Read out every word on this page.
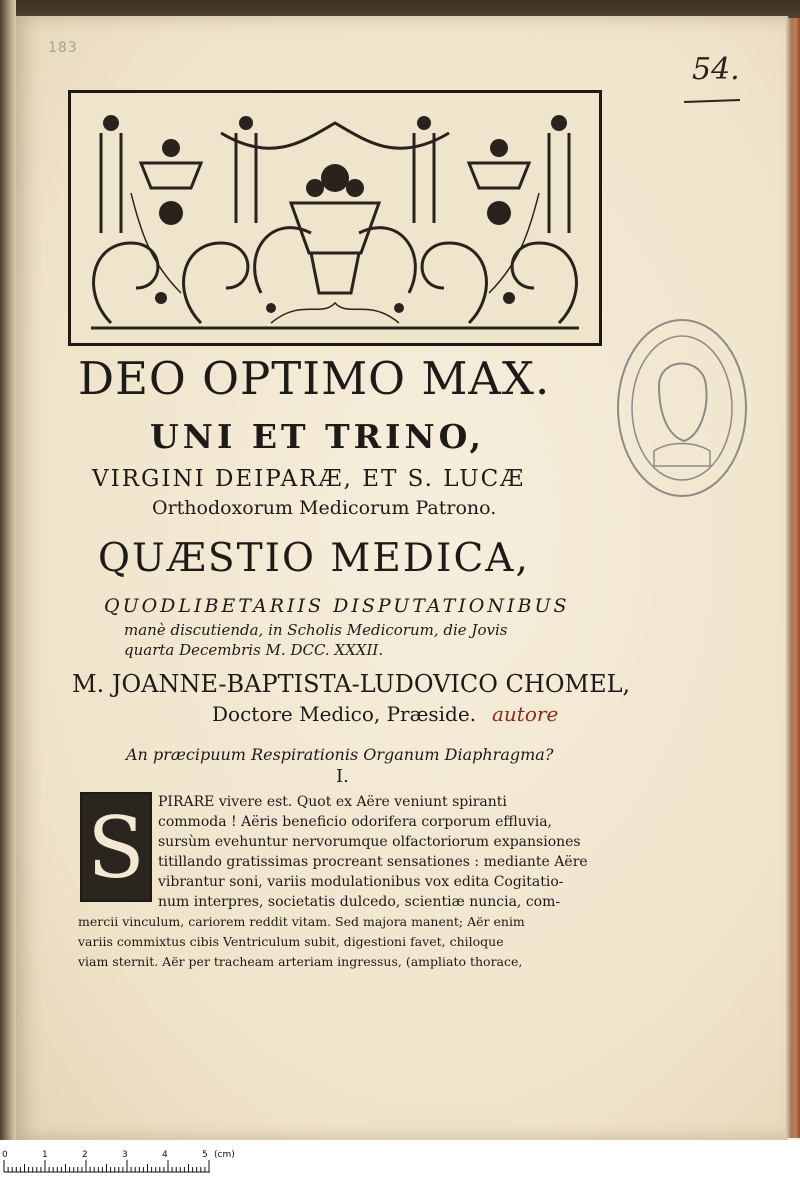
183
54.
DEO OPTIMO MAX.
UNI ET TRINO,
VIRGINI DEIPARÆ, ET S. LUCÆ
Orthodoxorum Medicorum Patrono.
QUÆSTIO MEDICA,
QUODLIBETARIIS DISPUTATIONIBUS
manè discutienda, in Scholis Medicorum, die Jovis
quarta Decembris M. DCC. XXXII.
M. JOANNE-BAPTISTA-LUDOVICO CHOMEL,
Doctore Medico, Præside. autore
An præcipuum Respirationis Organum Diaphragma?
I.
S PIRARE vivere est. Quot ex Aëre veniunt spiranti
commoda ! Aëris beneficio odorifera corporum effluvia,
sursùm evehuntur nervorumque olfactoriorum expansiones
titillando gratissimas procreant sensationes : mediante Aëre
vibrantur soni, variis modulationibus vox edita Cogitatio-
num interpres, societatis dulcedo, scientiæ nuncia, com-
mercii vinculum, cariorem reddit vitam. Sed majora manent; Aër enim
variis commixtus cibis Ventriculum subit, digestioni favet, chiloque
viam sternit. Aër per tracheam arteriam ingressus, (ampliato thorace,
0	1	2	3	4	5 (cm)
